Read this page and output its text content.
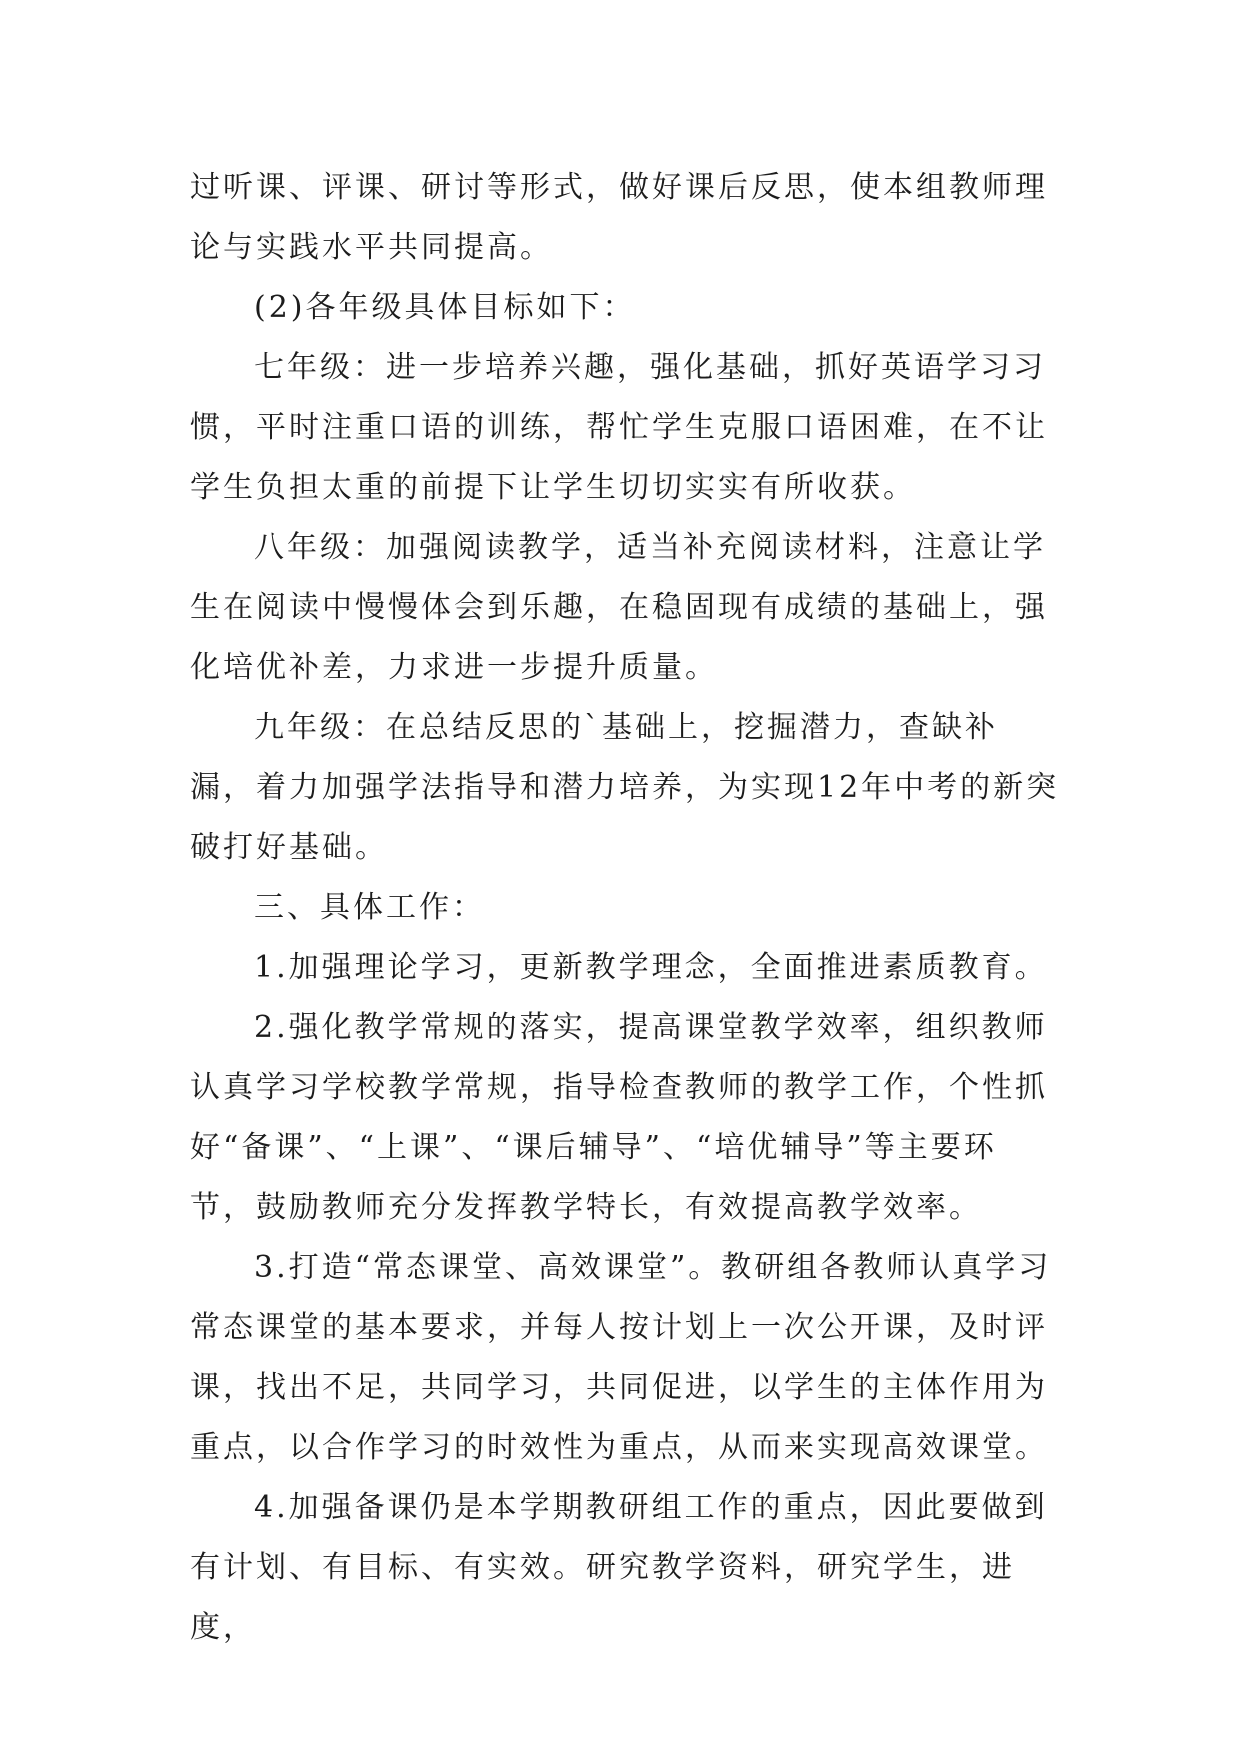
过听课、评课、研讨等形式，做好课后反思，使本组教师理论与实践水平共同提高。

(2)各年级具体目标如下：

七年级：进一步培养兴趣，强化基础，抓好英语学习习惯，平时注重口语的训练，帮忙学生克服口语困难，在不让学生负担太重的前提下让学生切切实实有所收获。

八年级：加强阅读教学，适当补充阅读材料，注意让学生在阅读中慢慢体会到乐趣，在稳固现有成绩的基础上，强化培优补差，力求进一步提升质量。

九年级：在总结反思的`基础上，挖掘潜力，查缺补漏，着力加强学法指导和潜力培养，为实现12年中考的新突破打好基础。

三、具体工作：

1.加强理论学习，更新教学理念，全面推进素质教育。

2.强化教学常规的落实，提高课堂教学效率，组织教师认真学习学校教学常规，指导检查教师的教学工作，个性抓好“备课”、“上课”、“课后辅导”、“培优辅导”等主要环节，鼓励教师充分发挥教学特长，有效提高教学效率。

3.打造“常态课堂、高效课堂”。教研组各教师认真学习常态课堂的基本要求，并每人按计划上一次公开课，及时评课，找出不足，共同学习，共同促进，以学生的主体作用为重点，以合作学习的时效性为重点，从而来实现高效课堂。

4.加强备课仍是本学期教研组工作的重点，因此要做到有计划、有目标、有实效。研究教学资料，研究学生，进度，
